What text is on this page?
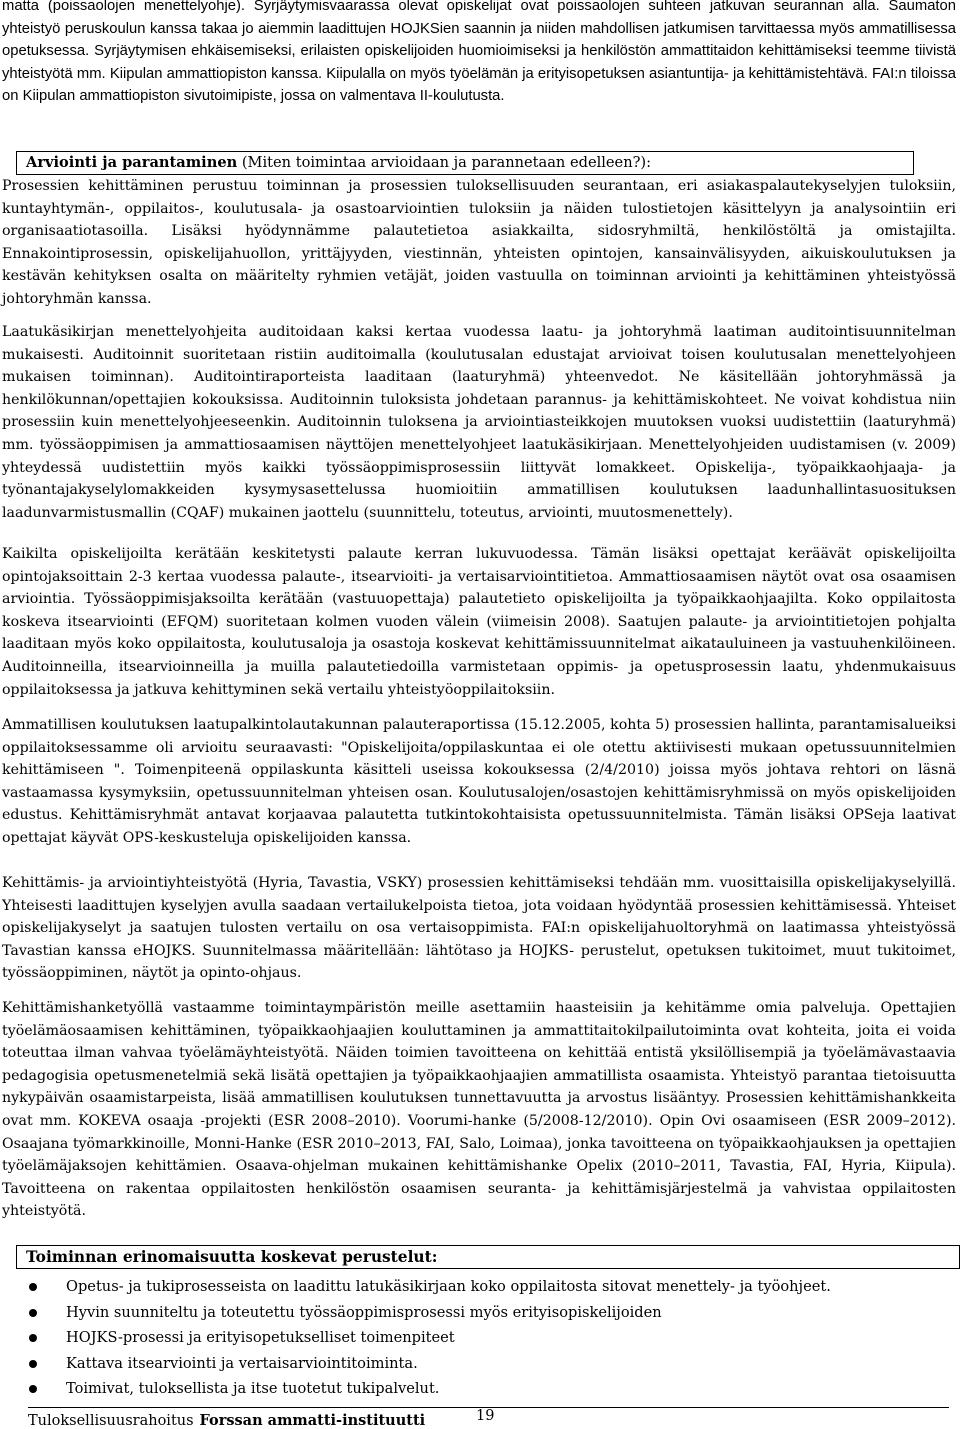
matta (poissaolojen menettelyohje). Syrjäytymisvaarassa olevat opiskelijat ovat poissaolojen suhteen jatkuvan seurannan alla. Saumaton yhteistyö peruskoulun kanssa takaa jo aiemmin laadittujen HOJKSien saannin ja niiden mahdollisen jatkumisen tarvittaessa myös ammatillisessa opetuksessa. Syrjäytymisen ehkäisemiseksi, erilaisten opiskelijoiden huomioimiseksi ja henkilöstön ammattitaidon kehittämiseksi teemme tiivistä yhteistyötä mm. Kiipulan ammattiopiston kanssa. Kiipulalla on myös työelämän ja erityisopetuksen asiantuntija- ja kehittämistehtävä. FAI:n tiloissa on Kiipulan ammattiopiston sivutoimipiste, jossa on valmentava II-koulutusta.

Arviointi ja parantaminen (Miten toimintaa arvioidaan ja parannetaan edelleen?):

Prosessien kehittäminen perustuu toiminnan ja prosessien tuloksellisuuden seurantaan, eri asiakaspalautekyselyjen tuloksiin, kuntayhtymän-, oppilaitos-, koulutusala- ja osastoarviointien tuloksiin ja näiden tulostietojen käsittelyyn ja analysointiin eri organisaatiotasoilla. Lisäksi hyödynnämme palautetietoa asiakkailta, sidosryhmiltä, henkilöstöltä ja omistajilta. Ennakointiprosessin, opiskelijahuollon, yrittäjyyden, viestinnän, yhteisten opintojen, kansainvälisyyden, aikuiskoulutuksen ja kestävän kehityksen osalta on määritelty ryhmien vetäjät, joiden vastuulla on toiminnan arviointi ja kehittäminen yhteistyössä johtoryhmän kanssa.

Laatukäsikirjan menettelyohjeita auditoidaan kaksi kertaa vuodessa laatu- ja johtoryhmä laatiman auditointisuunnitelman mukaisesti. Auditoinnit suoritetaan ristiin auditoimalla (koulutusalan edustajat arvioivat toisen koulutusalan menettelyohjeen mukaisen toiminnan). Auditointiraporteista laaditaan (laaturyhmä) yhteenvedot. Ne käsitellään johtoryhmässä ja henkilökunnan/opettajien kokouksissa. Auditoinnin tuloksista johdetaan parannus- ja kehittämiskohteet. Ne voivat kohdistua niin prosessiin kuin menettelyohjeeseenkin. Auditoinnin tuloksena ja arviointiasteikkojen muutoksen vuoksi uudistettiin (laaturyhmä) mm. työssäoppimisen ja ammattiosaamisen näyttöjen menettelyohjeet laatukäsikirjaan. Menettelyohjeiden uudistamisen (v. 2009) yhteydessä uudistettiin myös kaikki työssäoppimisprosessiin liittyvät lomakkeet. Opiskelija-, työpaikkaohjaaja- ja työnantajakyselylomakkeiden kysymysasettelussa huomioitiin ammatillisen koulutuksen laadunhallintasuosituksen laadunvarmistusmallin (CQAF) mukainen jaottelu (suunnittelu, toteutus, arviointi, muutosmenettely).

Kaikilta opiskelijoilta kerätään keskitetysti palaute kerran lukuvuodessa. Tämän lisäksi opettajat keräävät opiskelijoilta opintojaksoittain 2-3 kertaa vuodessa palaute-, itsearvioiti- ja vertaisarviointitietoa. Ammattiosaamisen näytöt ovat osa osaamisen arviointia. Työssäoppimisjaksoilta kerätään (vastuuopettaja) palautetieto opiskelijoilta ja työpaikkaohjaajilta. Koko oppilaitosta koskeva itsearviointi (EFQM) suoritetaan kolmen vuoden välein (viimeisin 2008). Saatujen palaute- ja arviointitietojen pohjalta laaditaan myös koko oppilaitosta, koulutusaloja ja osastoja koskevat kehittämissuunnitelmat aikatauluineen ja vastuuhenkilöineen. Auditoinneilla, itsearvioinneilla ja muilla palautetiedoilla varmistetaan oppimis- ja opetusprosessin laatu, yhdenmukaisuus oppilaitoksessa ja jatkuva kehittyminen sekä vertailu yhteistyöoppilaitoksiin.

Ammatillisen koulutuksen laatupalkintolautakunnan palauteraportissa (15.12.2005, kohta 5) prosessien hallinta, parantamisalueiksi oppilaitoksessamme oli arvioitu seuraavasti: "Opiskelijoita/oppilaskuntaa ei ole otettu aktiivisesti mukaan opetussuunnitelmien kehittämiseen ". Toimenpiteenä oppilaskunta käsitteli useissa kokouksessa (2/4/2010) joissa myös johtava rehtori on läsnä vastaamassa kysymyksiin, opetussuunnitelman yhteisen osan. Koulutusalojen/osastojen kehittämisryhmissä on myös opiskelijoiden edustus. Kehittämisryhmät antavat korjaavaa palautetta tutkintokohtaisista opetussuunnitelmista. Tämän lisäksi OPSeja laativat opettajat käyvät OPS-keskusteluja opiskelijoiden kanssa.

Kehittämis- ja arviointiyhteistyötä (Hyria, Tavastia, VSKY) prosessien kehittämiseksi tehdään mm. vuosittaisilla opiskelijakyselyillä. Yhteisesti laadittujen kyselyjen avulla saadaan vertailukelpoista tietoa, jota voidaan hyödyntää prosessien kehittämisessä. Yhteiset opiskelijakyselyt ja saatujen tulosten vertailu on osa vertaisoppimista. FAI:n opiskelijahuoltoryhmä on laatimassa yhteistyössä Tavastian kanssa eHOJKS. Suunnitelmassa määritellään: lähtötaso ja HOJKS- perustelut, opetuksen tukitoimet, muut tukitoimet, työssäoppiminen, näytöt ja opinto-ohjaus.

Kehittämishanketyöllä vastaamme toimintaympäristön meille asettamiin haasteisiin ja kehitämme omia palveluja. Opettajien työelämäosaamisen kehittäminen, työpaikkaohjaajien kouluttaminen ja ammattitaitokilpailutoiminta ovat kohteita, joita ei voida toteuttaa ilman vahvaa työelämäyhteistyötä. Näiden toimien tavoitteena on kehittää entistä yksilöllisempiä ja työelämävastaavia pedagogisia opetusmenetelmiä sekä lisätä opettajien ja työpaikkaohjaajien ammatillista osaamista. Yhteistyö parantaa tietoisuutta nykypäivän osaamistarpeista, lisää ammatillisen koulutuksen tunnettavuutta ja arvostus lisääntyy. Prosessien kehittämishankkeita ovat mm. KOKEVA osaaja -projekti (ESR 2008–2010). Voorumi-hanke (5/2008-12/2010). Opin Ovi osaamiseen (ESR 2009–2012). Osaajana työmarkkinoille, Monni-Hanke (ESR 2010–2013, FAI, Salo, Loimaa), jonka tavoitteena on työpaikkaohjauksen ja opettajien työelämäjaksojen kehittämien. Osaava-ohjelman mukainen kehittämishanke Opelix (2010–2011, Tavastia, FAI, Hyria, Kiipula). Tavoitteena on rakentaa oppilaitosten henkilöstön osaamisen seuranta- ja kehittämisjärjestelmä ja vahvistaa oppilaitosten yhteistyötä.

Toiminnan erinomaisuutta koskevat perustelut:
Opetus- ja tukiprosesseista on laadittu latukäsikirjaan koko oppilaitosta sitovat menettely- ja työohjeet.
Hyvin suunniteltu ja toteutettu työssäoppimisprosessi myös erityisopiskelijoiden
HOJKS-prosessi ja erityisopetukselliset toimenpiteet
Kattava itsearviointi ja vertaisarviointitoiminta.
Toimivat, tuloksellista ja itse tuotetut tukipalvelut.
Tuloksellisuusrahoitus Forssan ammatti-instituutti	19
